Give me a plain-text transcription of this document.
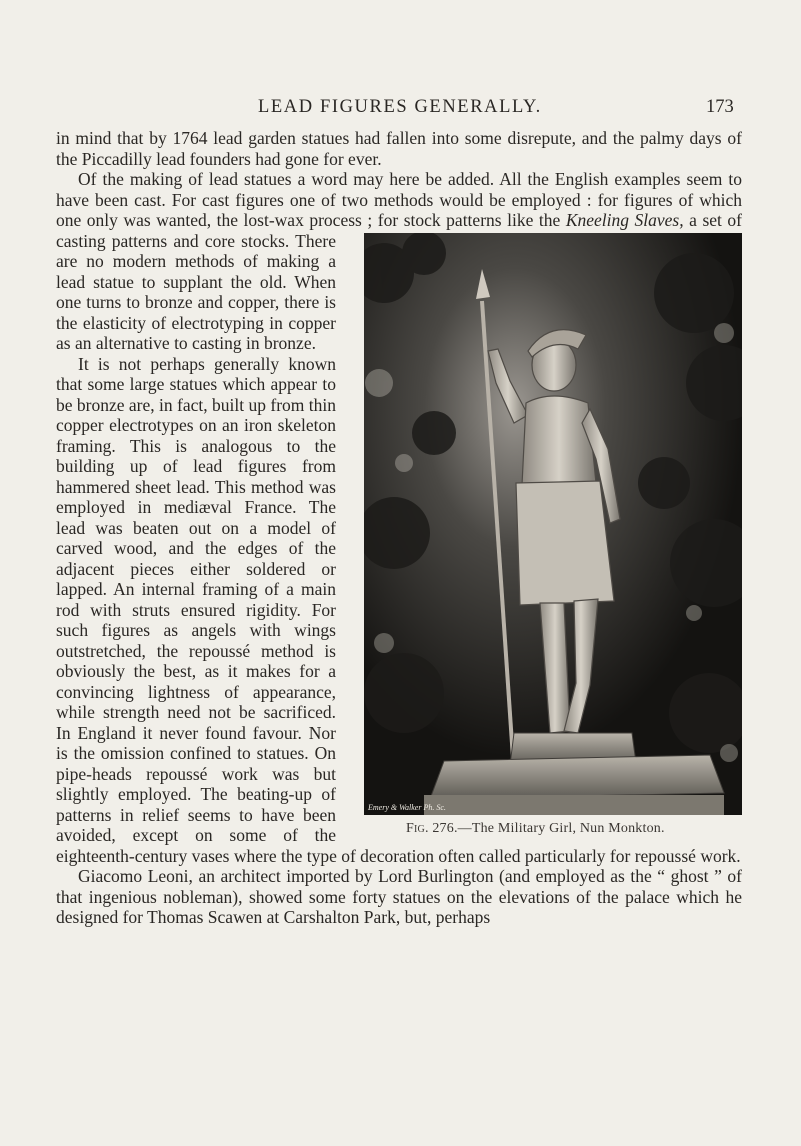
LEAD FIGURES GENERALLY.	173

in mind that by 1764 lead garden statues had fallen into some disrepute, and the palmy days of the Piccadilly lead founders had gone for ever.

Of the making of lead statues a word may here be added. All the English examples seem to have been cast. For cast figures one of two methods would be employed : for figures of which one only was wanted, the lost-wax process ; for stock patterns like the
Emery & Walker Ph. Sc.
Fig. 276.—The Military Girl, Nun Monkton.
Kneeling Slaves, a set of casting patterns and core stocks. There are no modern methods of making a lead statue to supplant the old. When one turns to bronze and copper, there is the elasticity of electrotyping in copper as an alternative to casting in bronze.

It is not perhaps generally known that some large statues which appear to be bronze are, in fact, built up from thin copper electrotypes on an iron skeleton framing. This is analogous to the building up of lead figures from hammered sheet lead. This method was employed in mediæval France. The lead was beaten out on a model of carved wood, and the edges of the adjacent pieces either soldered or lapped. An internal framing of a main rod with struts ensured rigidity. For such figures as angels with wings outstretched, the repoussé method is obviously the best, as it makes for a convincing lightness of appearance, while strength need not be sacrificed. In England it never found favour. Nor is the omission confined to statues. On pipe-heads repoussé work was but slightly employed. The beating-up of patterns in relief seems to have been avoided, except on some of the eighteenth-century vases where the type of decoration often called particularly for repoussé work.

Giacomo Leoni, an architect imported by Lord Burlington (and employed as the “ ghost ” of that ingenious nobleman), showed some forty statues on the elevations of the palace which he designed for Thomas Scawen at Carshalton Park, but, perhaps
